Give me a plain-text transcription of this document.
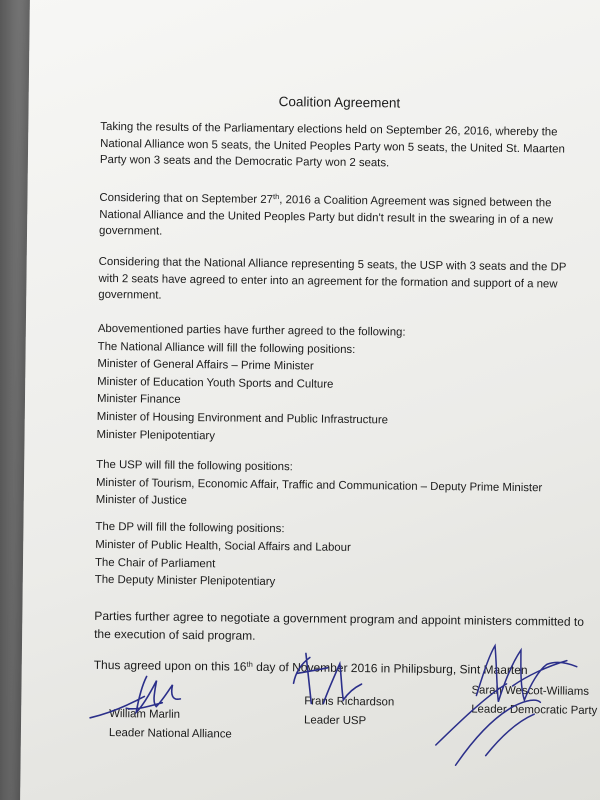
Coalition Agreement
Taking the results of the Parliamentary elections held on September 26, 2016, whereby the
National Alliance won 5 seats, the United Peoples Party won 5 seats, the United St. Maarten
Party won 3 seats and the Democratic Party won 2 seats.
Considering that on September 27th, 2016 a Coalition Agreement was signed between the
National Alliance and the United Peoples Party but didn't result in the swearing in of a new
government.
Considering that the National Alliance representing 5 seats, the USP with 3 seats and the DP
with 2 seats have agreed to enter into an agreement for the formation and support of a new
government.
Abovementioned parties have further agreed to the following:
The National Alliance will fill the following positions:
Minister of General Affairs – Prime Minister
Minister of Education Youth Sports and Culture
Minister Finance
Minister of Housing Environment and Public Infrastructure
Minister Plenipotentiary
The USP will fill the following positions:
Minister of Tourism, Economic Affair, Traffic and Communication – Deputy Prime Minister
Minister of Justice
The DP will fill the following positions:
Minister of Public Health, Social Affairs and Labour
The Chair of Parliament
The Deputy Minister Plenipotentiary
Parties further agree to negotiate a government program and appoint ministers committed to
the execution of said program.
Thus agreed upon on this 16th day of November 2016 in Philipsburg, Sint Maarten
William Marlin
Leader National Alliance
Frans Richardson
Leader USP
Sarah Wescot-Williams
Leader Democratic Party
